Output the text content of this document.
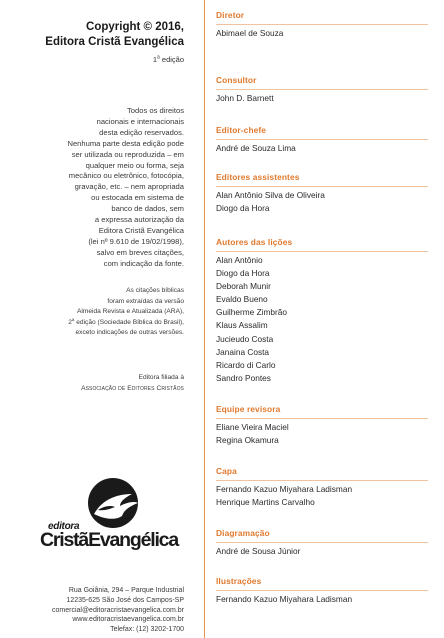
Copyright © 2016,
Editora Cristã Evangélica
1$^a$ edição

Todos os direitos

nacionais e internacionais

desta edição reservados.

Nenhuma parte desta edição pode

ser utilizada ou reproduzida – em

qualquer meio ou forma, seja

mecânico ou eletrônico, fotocópia,

gravação, etc. – nem apropriada

ou estocada em sistema de

banco de dados, sem

a expressa autorização da

Editora Cristã Evangélica

(lei nº 9.610 de 19/02/1998),

salvo em breves citações,

com indicação da fonte.

As citações bíblicas

foram extraídas da versão

Almeida Revista e Atualizada (ARA),

2$^a$ edição (Sociedade Bíblica do Brasil),

exceto indicações de outras versões.

Editora filiada à

Associação de Editores Cristãos

editora
CristãEvangélica

Rua Goiânia, 294 – Parque Industrial

12235-625 São José dos Campos-SP

comercial@editoracristaevangelica.com.br

www.editoracristaevangelica.com.br

Telefax: (12) 3202-1700

Diretor
Abimael de Souza
Consultor
John D. Barnett
Editor-chefe
André de Souza Lima
Editores assistentes
Alan Antônio Silva de Oliveira
Diogo da Hora
Autores das lições
Alan Antônio
Diogo da Hora
Deborah Munir
Evaldo Bueno
Guilherme Zimbrão
Klaus Assalim
Jucieudo Costa
Janaina Costa
Ricardo di Carlo
Sandro Pontes
Equipe revisora
Eliane Vieira Maciel
Regina Okamura
Capa
Fernando Kazuo Miyahara Ladisman
Henrique Martins Carvalho
Diagramação
André de Sousa Júnior
Ilustrações
Fernando Kazuo Miyahara Ladisman
